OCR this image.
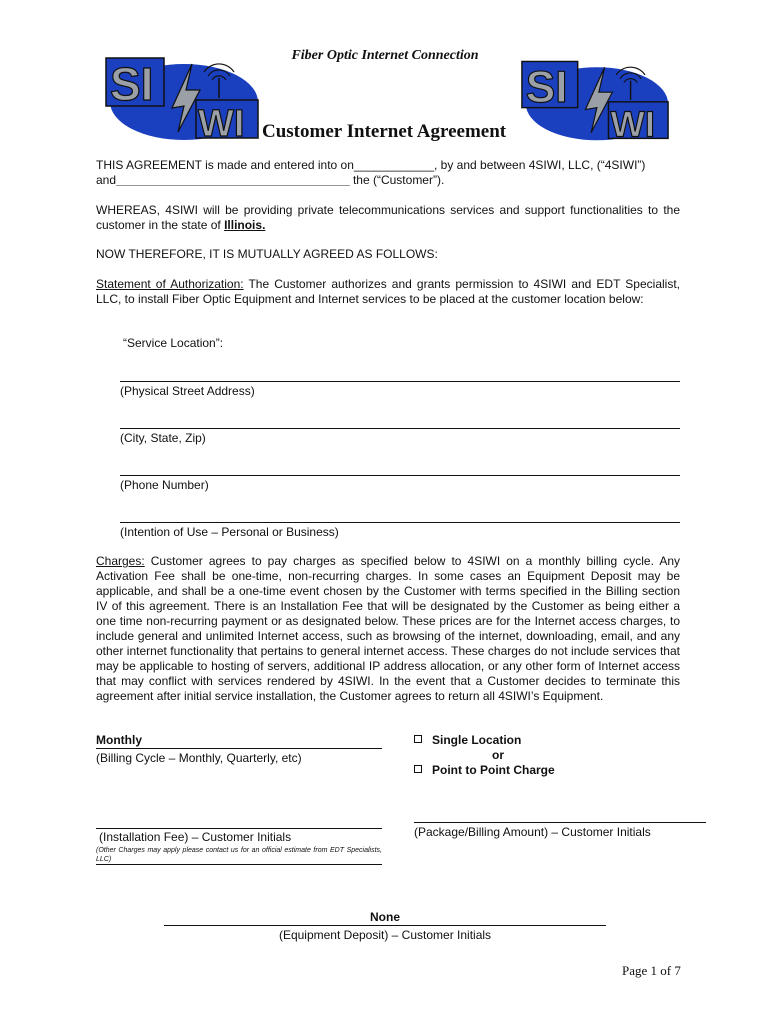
SI
WI
SI
WI
Fiber Optic Internet Connection
Customer Internet Agreement
THIS AGREEMENT is made and entered into on____________, by and between 4SIWI, LLC, (“4SIWI”)
and___________________________________ the (“Customer”).
WHEREAS, 4SIWI will be providing private telecommunications services and support functionalities to the customer in the state of Illinois.
NOW THEREFORE, IT IS MUTUALLY AGREED AS FOLLOWS:
Statement of Authorization: The Customer authorizes and grants permission to 4SIWI and EDT Specialist, LLC, to install Fiber Optic Equipment and Internet services to be placed at the customer location below:
“Service Location”:
(Physical Street Address)
(City, State, Zip)
(Phone Number)
(Intention of Use – Personal or Business)
Charges: Customer agrees to pay charges as specified below to 4SIWI on a monthly billing cycle. Any Activation Fee shall be one-time, non-recurring charges. In some cases an Equipment Deposit may be applicable, and shall be a one-time event chosen by the Customer with terms specified in the Billing section IV of this agreement. There is an Installation Fee that will be designated by the Customer as being either a one time non-recurring payment or as designated below. These prices are for the Internet access charges, to include general and unlimited Internet access, such as browsing of the internet, downloading, email, and any other internet functionality that pertains to general internet access. These charges do not include services that may be applicable to hosting of servers, additional IP address allocation, or any other form of Internet access that may conflict with services rendered by 4SIWI. In the event that a Customer decides to terminate this agreement after initial service installation, the Customer agrees to return all 4SIWI’s Equipment.
Monthly
(Billing Cycle – Monthly, Quarterly, etc)
Single Location
or
Point to Point Charge
(Installation Fee) – Customer Initials
(Other Charges may apply please contact us for an official estimate from EDT Specialists, LLC)
(Package/Billing Amount) – Customer Initials
None
(Equipment Deposit) – Customer Initials
Page 1 of 7
